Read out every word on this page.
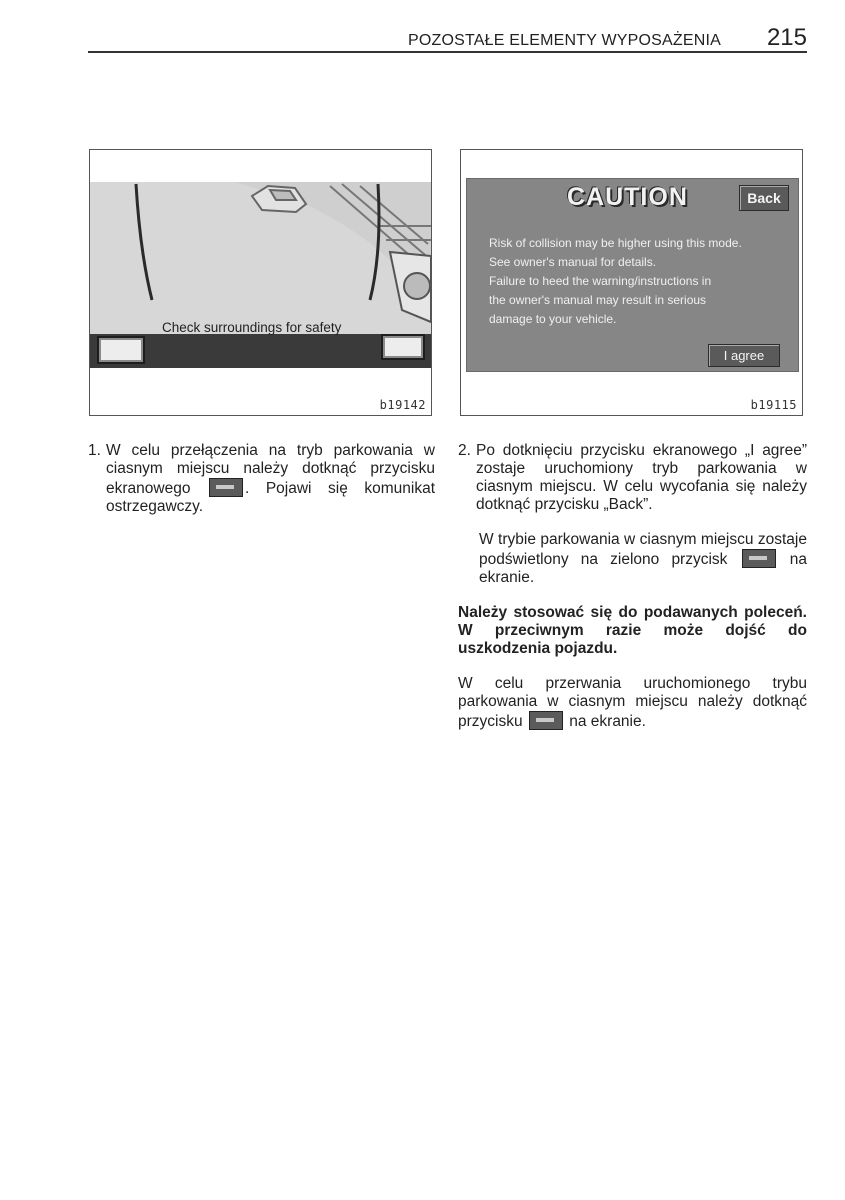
POZOSTAŁE ELEMENTY WYPOSAŻENIA 215
Check surroundings for safety
b19142
CAUTION	Back
Risk of collision may be higher using this mode.
See owner's manual for details.
Failure to heed the warning/instructions in
the owner's manual may result in serious
damage to your vehicle.
I agree
b19115

1. W celu przełączenia na tryb parkowania w ciasnym miejscu należy dotknąć przycisku ekranowego	. Pojawi się komunikat ostrzegawczy.

2. Po dotknięciu przycisku ekranowego „I agree” zostaje uruchomiony tryb parkowania w ciasnym miejscu. W celu wycofania się należy dotknąć przycisku „Back”.

W trybie parkowania w ciasnym miejscu zostaje podświetlony na zielono przycisk	na ekranie.

Należy stosować się do podawanych poleceń. W przeciwnym razie może dojść do uszkodzenia pojazdu.

W celu przerwania uruchomionego trybu parkowania w ciasnym miejscu należy dotknąć przycisku	na ekranie.
